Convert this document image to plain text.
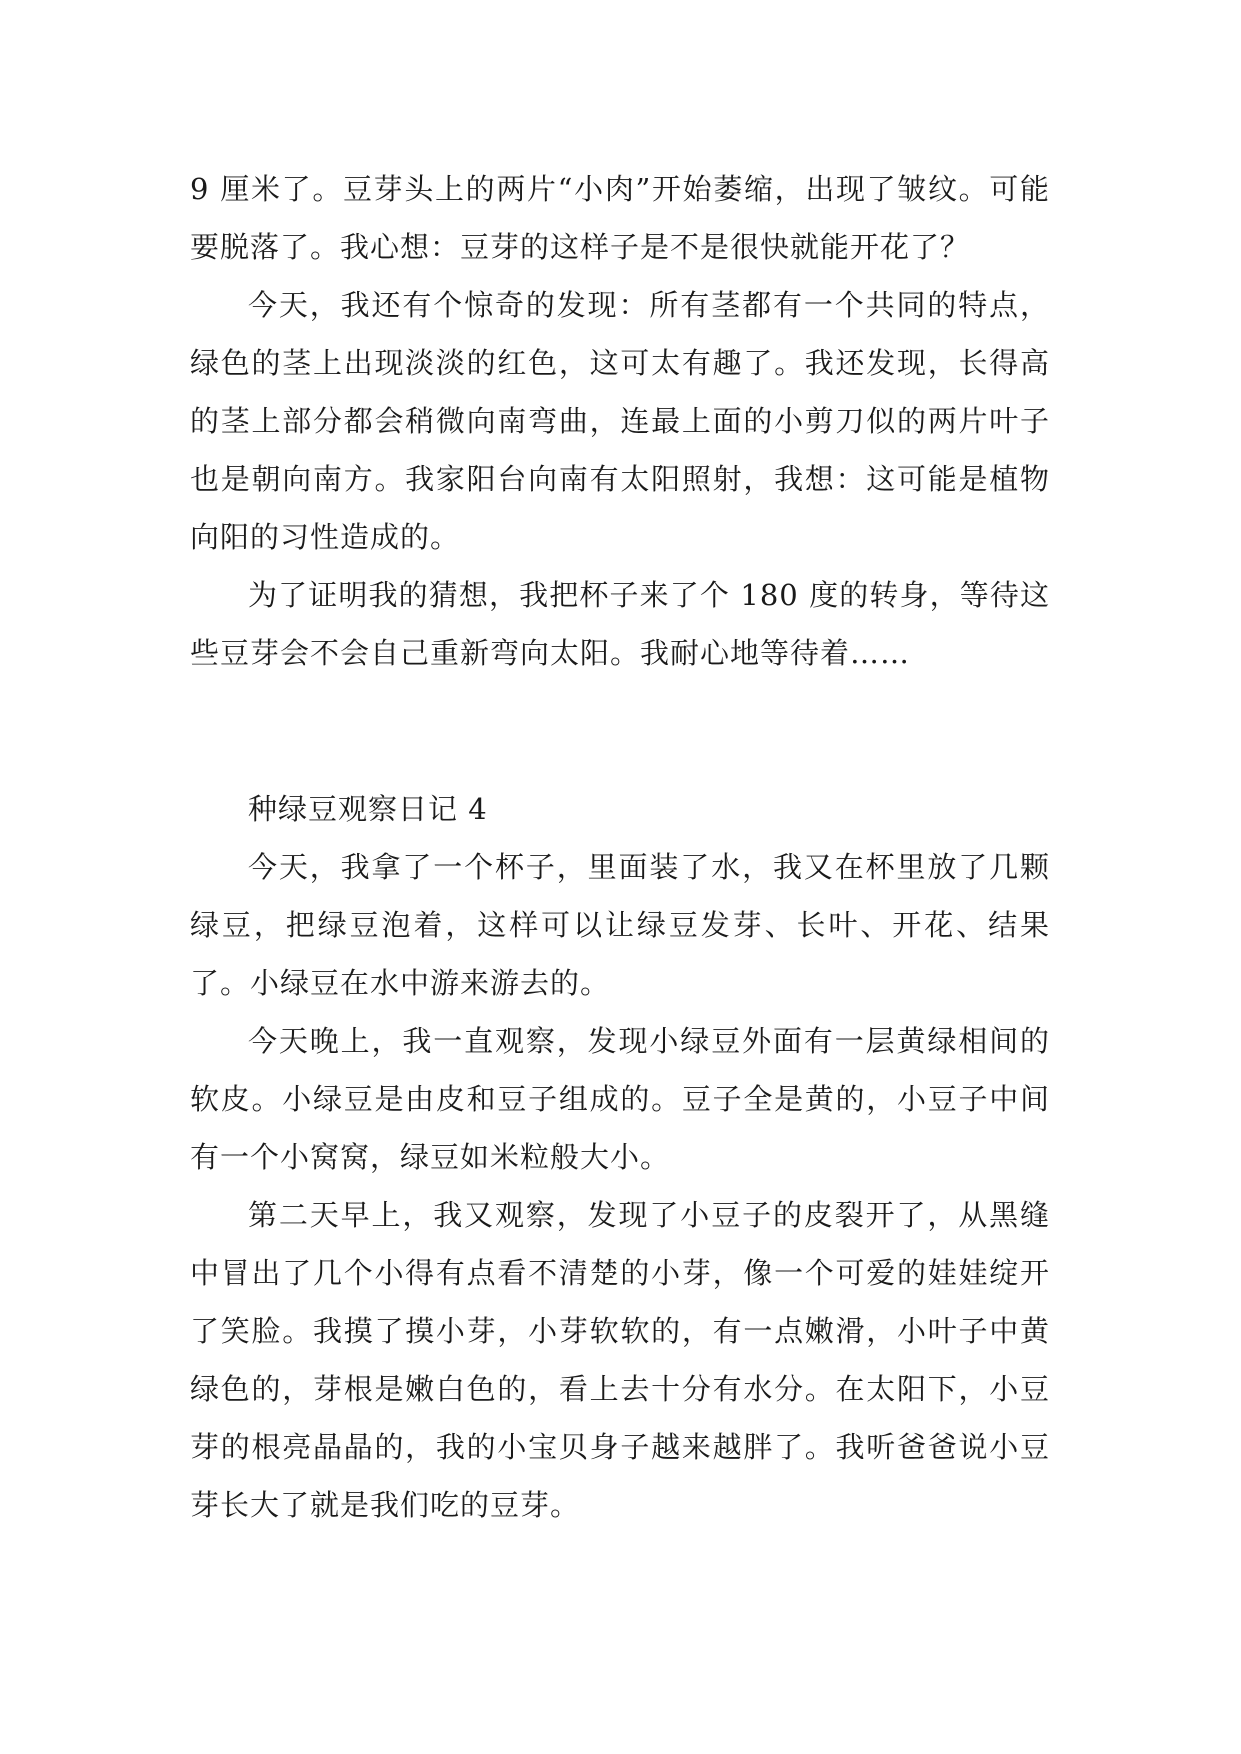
9 厘米了。豆芽头上的两片“小肉”开始萎缩，出现了皱纹。可能要脱落了。我心想：豆芽的这样子是不是很快就能开花了？

今天，我还有个惊奇的发现：所有茎都有一个共同的特点，绿色的茎上出现淡淡的红色，这可太有趣了。我还发现，长得高的茎上部分都会稍微向南弯曲，连最上面的小剪刀似的两片叶子也是朝向南方。我家阳台向南有太阳照射，我想：这可能是植物向阳的习性造成的。

为了证明我的猜想，我把杯子来了个 180 度的转身，等待这些豆芽会不会自己重新弯向太阳。我耐心地等待着……

种绿豆观察日记 4

今天，我拿了一个杯子，里面装了水，我又在杯里放了几颗绿豆，把绿豆泡着，这样可以让绿豆发芽、长叶、开花、结果了。小绿豆在水中游来游去的。

今天晚上，我一直观察，发现小绿豆外面有一层黄绿相间的软皮。小绿豆是由皮和豆子组成的。豆子全是黄的，小豆子中间有一个小窝窝，绿豆如米粒般大小。

第二天早上，我又观察，发现了小豆子的皮裂开了，从黑缝中冒出了几个小得有点看不清楚的小芽，像一个可爱的娃娃绽开了笑脸。我摸了摸小芽，小芽软软的，有一点嫩滑，小叶子中黄绿色的，芽根是嫩白色的，看上去十分有水分。在太阳下，小豆芽的根亮晶晶的，我的小宝贝身子越来越胖了。我听爸爸说小豆芽长大了就是我们吃的豆芽。
